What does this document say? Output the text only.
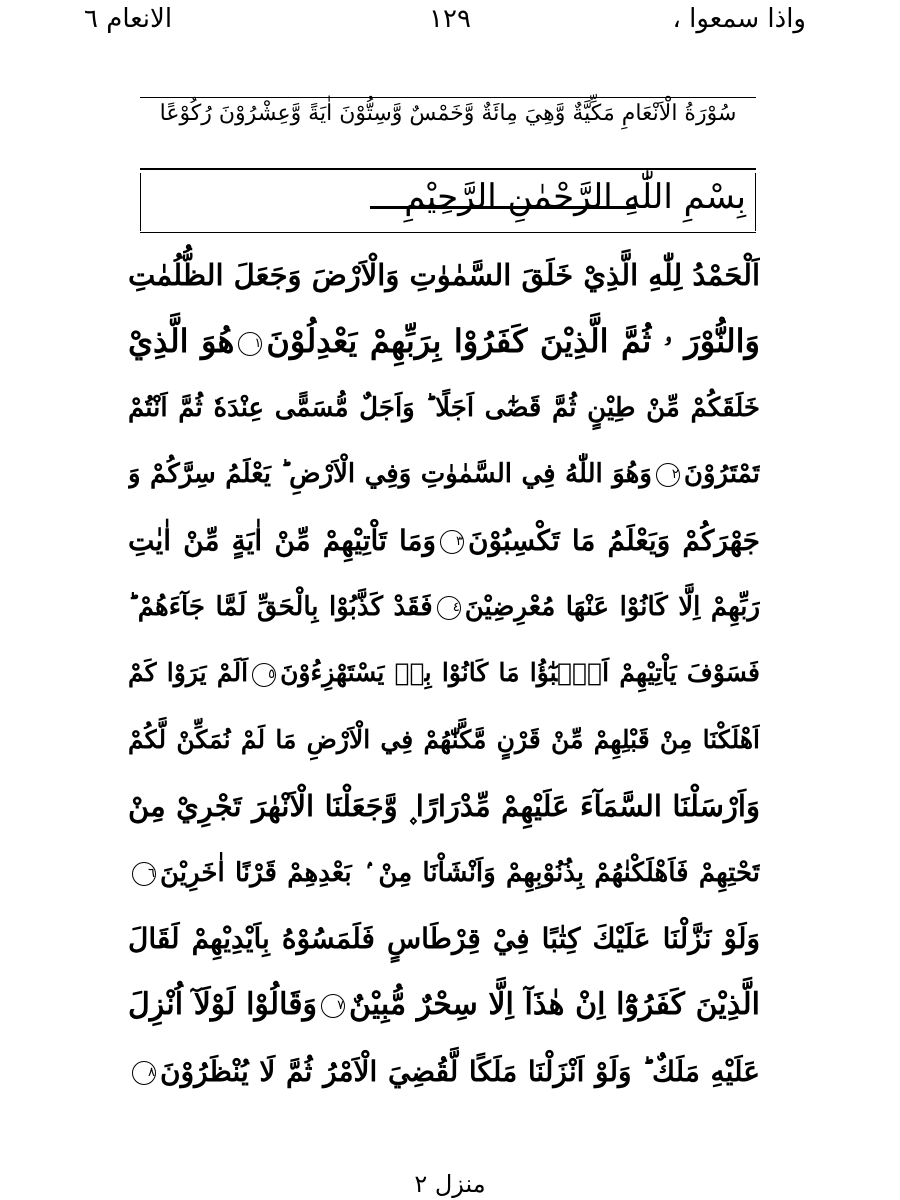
واذا سمعوا ،
١٢٩
الانعام ٦
سُوْرَةُ الْاَنْعَامِ مَكِّيَّةٌ وَّهِيَ مِائَةٌ وَّخَمْسٌ وَّسِتُّوْنَ اٰيَةً وَّعِشْرُوْنَ رُكُوْعًا
بِسْمِ اللّٰهِ الرَّحْمٰنِ الرَّحِيْمِ
اَلْحَمْدُ لِلّٰهِ الَّذِيْ خَلَقَ السَّمٰوٰتِ وَالْاَرْضَ وَجَعَلَ الظُّلُمٰتِ
وَالنُّوْرَ ۥ ثُمَّ الَّذِيْنَ كَفَرُوْا بِرَبِّهِمْ يَعْدِلُوْنَ١هُوَ الَّذِيْ
خَلَقَكُمْ مِّنْ طِيْنٍ ثُمَّ قَضٰٓى اَجَلًا ؕ وَاَجَلٌ مُّسَمًّى عِنْدَهٗ ثُمَّ اَنْتُمْ
تَمْتَرُوْنَ٢وَهُوَ اللّٰهُ فِي السَّمٰوٰتِ وَفِي الْاَرْضِ ؕ يَعْلَمُ سِرَّكُمْ وَ
جَهْرَكُمْ وَيَعْلَمُ مَا تَكْسِبُوْنَ٣وَمَا تَاْتِيْهِمْ مِّنْ اٰيَةٍ مِّنْ اٰيٰتِ
رَبِّهِمْ اِلَّا كَانُوْا عَنْهَا مُعْرِضِيْنَ٤فَقَدْ كَذَّبُوْا بِالْحَقِّ لَمَّا جَآءَهُمْ ؕ
فَسَوْفَ يَاْتِيْهِمْ اَنْۢبٰٓؤُا مَا كَانُوْا بِهٖ يَسْتَهْزِءُوْنَ٥اَلَمْ يَرَوْا كَمْ
اَهْلَكْنَا مِنْ قَبْلِهِمْ مِّنْ قَرْنٍ مَّكَّنّٰهُمْ فِي الْاَرْضِ مَا لَمْ نُمَكِّنْ لَّكُمْ
وَاَرْسَلْنَا السَّمَآءَ عَلَيْهِمْ مِّدْرَارًا ۪ وَّجَعَلْنَا الْاَنْهٰرَ تَجْرِيْ مِنْ
تَحْتِهِمْ فَاَهْلَكْنٰهُمْ بِذُنُوْبِهِمْ وَاَنْشَاْنَا مِنْ ۢ بَعْدِهِمْ قَرْنًا اٰخَرِيْنَ٦
وَلَوْ نَزَّلْنَا عَلَيْكَ كِتٰبًا فِيْ قِرْطَاسٍ فَلَمَسُوْهُ بِاَيْدِيْهِمْ لَقَالَ
الَّذِيْنَ كَفَرُوْٓا اِنْ هٰذَآ اِلَّا سِحْرٌ مُّبِيْنٌ٧وَقَالُوْا لَوْلَآ اُنْزِلَ
عَلَيْهِ مَلَكٌ ؕ وَلَوْ اَنْزَلْنَا مَلَكًا لَّقُضِيَ الْاَمْرُ ثُمَّ لَا يُنْظَرُوْنَ٨
منزل ٢
